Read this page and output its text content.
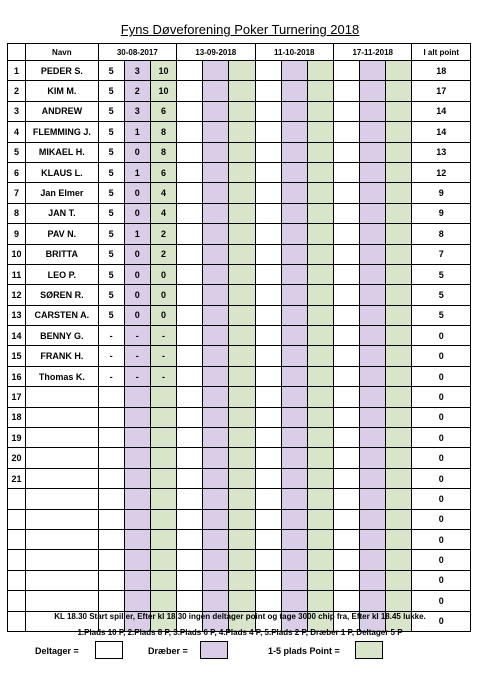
Fyns Døveforening Poker Turnering 2018
	Navn	30-08-2017			13-09-2018			11-10-2018			17-11-2018			I alt point
1	PEDER S.	5	3	10										18
2	KIM M.	5	2	10										17
3	ANDREW	5	3	6										14
4	FLEMMING J.	5	1	8										14
5	MIKAEL H.	5	0	8										13
6	KLAUS L.	5	1	6										12
7	Jan Elmer	5	0	4										9
8	JAN T.	5	0	4										9
9	PAV N.	5	1	2										8
10	BRITTA	5	0	2										7
11	LEO P.	5	0	0										5
12	SØREN R.	5	0	0										5
13	CARSTEN A.	5	0	0										5
14	BENNY G.	-	-	-										0
15	FRANK H.	-	-	-										0
16	Thomas K.	-	-	-										0
17														0
18														0
19														0
20														0
21														0
														0
														0
														0
														0
														0
														0
														0
KL 18.30 Start spiller, Efter kl 18.30 ingen deltager point og tage 3000 chip fra, Efter kl 18.45 lukke.
1.Plads 10 P, 2.Plads 8 P, 3.Plads 6 P, 4.Plads 4 P, 5.Plads 2 P, Dræber 1 P, Deltager 5 P
Deltager =	Dræber =	1-5 plads Point =
